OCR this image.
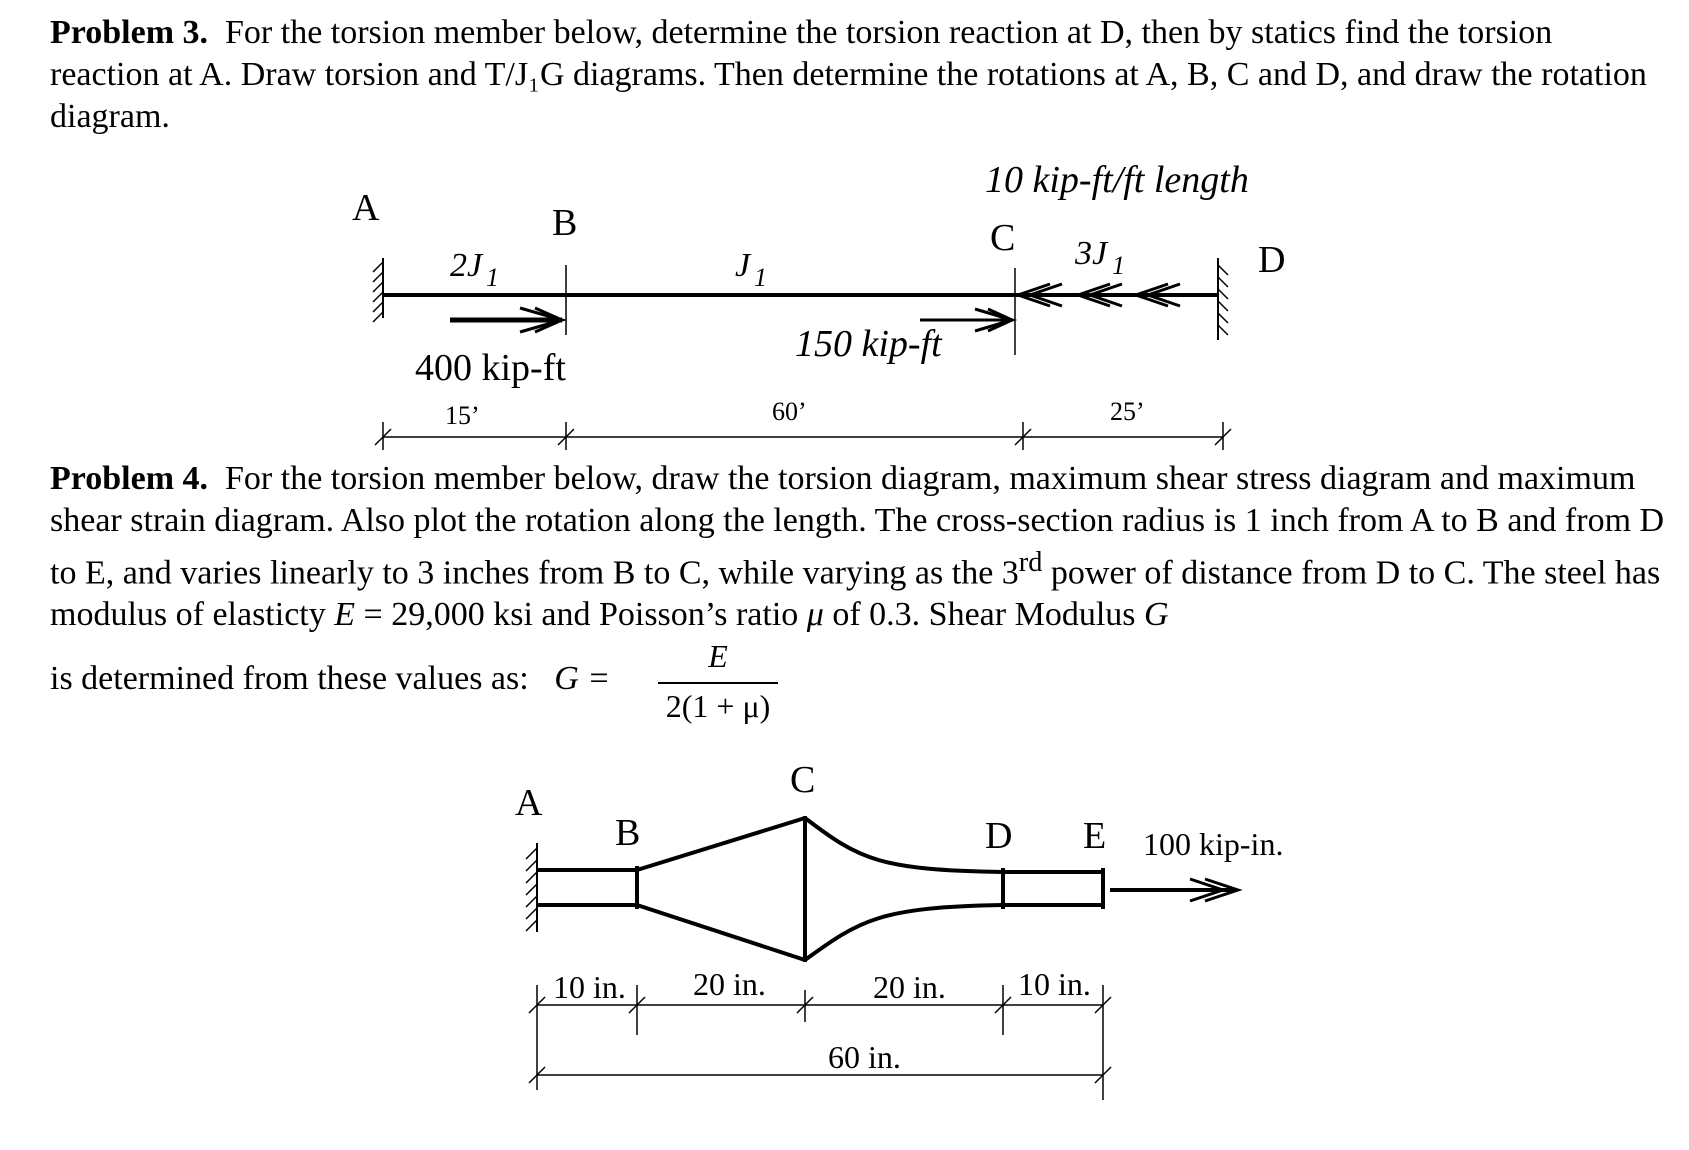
Problem 3. For the torsion member below, determine the torsion reaction at D, then by statics find the torsion reaction at A. Draw torsion and T/J₁G diagrams. Then determine the rotations at A, B, C and D, and draw the rotation diagram.

Problem 4. For the torsion member below, draw the torsion diagram, maximum shear stress diagram and maximum shear strain diagram. Also plot the rotation along the length. The cross-section radius is 1 inch from A to B and from D to E, and varies linearly to 3 inches from B to C, while varying as the 3rd power of distance from D to C. The steel has modulus of elasticty E = 29,000 ksi and Poisson’s ratio μ of 0.3. Shear Modulus G

is determined from these values as: G =
E
2(1 + μ)
A	B	C
D
10 kip-ft/ft length
150 kip-ft
400 kip-ft
2J 1	J 1
3J 1
15’	60’	25’
A
B
C
D E 100 kip-in.
10 in. 20 in.	20 in. 10 in.
60 in.
